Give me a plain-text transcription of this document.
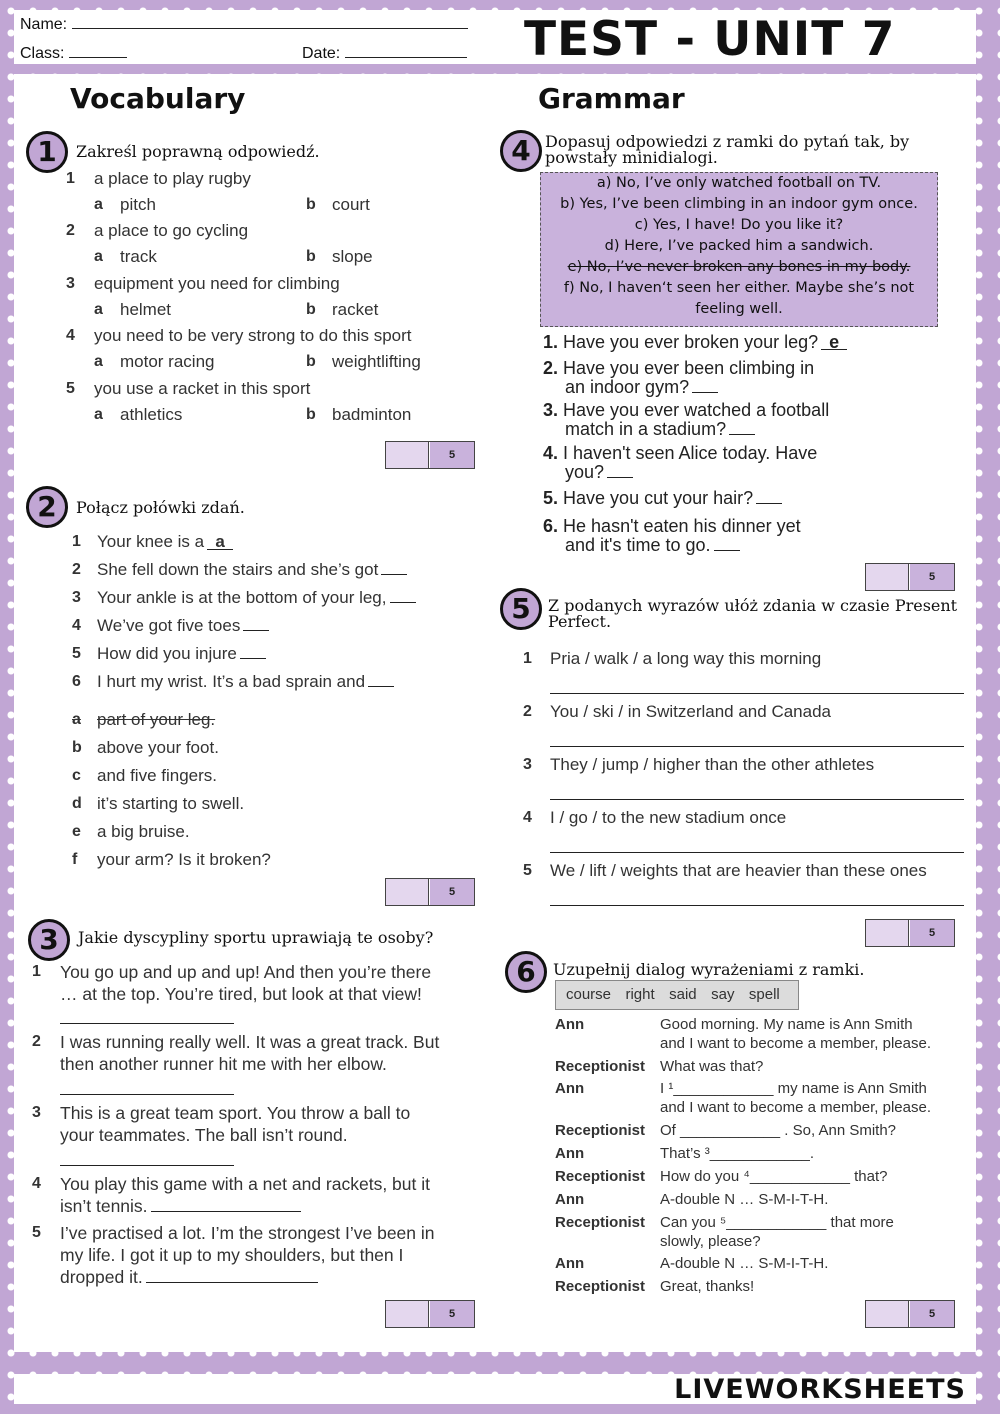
Name:
Class:	Date:	TEST - UNIT 7
Vocabulary	Grammar
1	Zakreśl poprawną odpowiedź.
1 a place to play rugby
a pitch	b court
2 a place to go cycling
a track	b slope
3 equipment you need for climbing
a helmet	b racket
4 you need to be very strong to do this sport
a motor racing	b weightlifting
5 you use a racket in this sport
a athletics	b badminton
5
2	Połącz połówki zdań.
1 Your knee is a a
2 She fell down the stairs and she’s got
3 Your ankle is at the bottom of your leg,
4 We’ve got five toes
5 How did you injure
6 I hurt my wrist. It’s a bad sprain and
a part of your leg.
b above your foot.
c and five fingers.
d it’s starting to swell.
e a big bruise.
f your arm? Is it broken?
5
3	Jakie dyscypliny sportu uprawiają te osoby?
1 You go up and up and up! And then you’re there
… at the top. You’re tired, but look at that view!
2 I was running really well. It was a great track. But
then another runner hit me with her elbow.
3 This is a great team sport. You throw a ball to
your teammates. The ball isn’t round.
4 You play this game with a net and rackets, but it
isn’t tennis.
5 I’ve practised a lot. I’m the strongest I’ve been in
my life. I got it up to my shoulders, but then I
dropped it.
5
4 Dopasuj odpowiedzi z ramki do pytań tak, by
powstały minidialogi.
a) No, I’ve only watched football on TV.
b) Yes, I’ve been climbing in an indoor gym once.
c) Yes, I have! Do you like it?
d) Here, I’ve packed him a sandwich.
e) No, I’ve never broken any bones in my body.
f) No, I haven‘t seen her either. Maybe she’s not
feeling well.
1. Have you ever broken your leg? e
2. Have you ever been climbing in
an indoor gym?
3. Have you ever watched a football
match in a stadium?
4. I haven't seen Alice today. Have
you?
5. Have you cut your hair?
6. He hasn't eaten his dinner yet
and it's time to go.
5
5	Z podanych wyrazów ułóż zdania w czasie Present
Perfect.
1 Pria / walk / a long way this morning
2 You / ski / in Switzerland and Canada
3 They / jump / higher than the other athletes
4 I / go / to the new stadium once
5 We / lift / weights that are heavier than these ones
5
6	Uzupełnij dialog wyrażeniami z ramki.
course right said say spell
Ann	Good morning. My name is Ann Smith
and I want to become a member, please.
Receptionist What was that?
Ann	I ¹____________ my name is Ann Smith
and I want to become a member, please.
Receptionist Of ____________ . So, Ann Smith?
Ann	That’s ³____________.
Receptionist How do you ⁴____________ that?
Ann	A-double N … S-M-I-T-H.
Receptionist Can you ⁵____________ that more
slowly, please?
Ann	A-double N … S-M-I-T-H.
Receptionist Great, thanks!
5
LIVEWORKSHEETS
